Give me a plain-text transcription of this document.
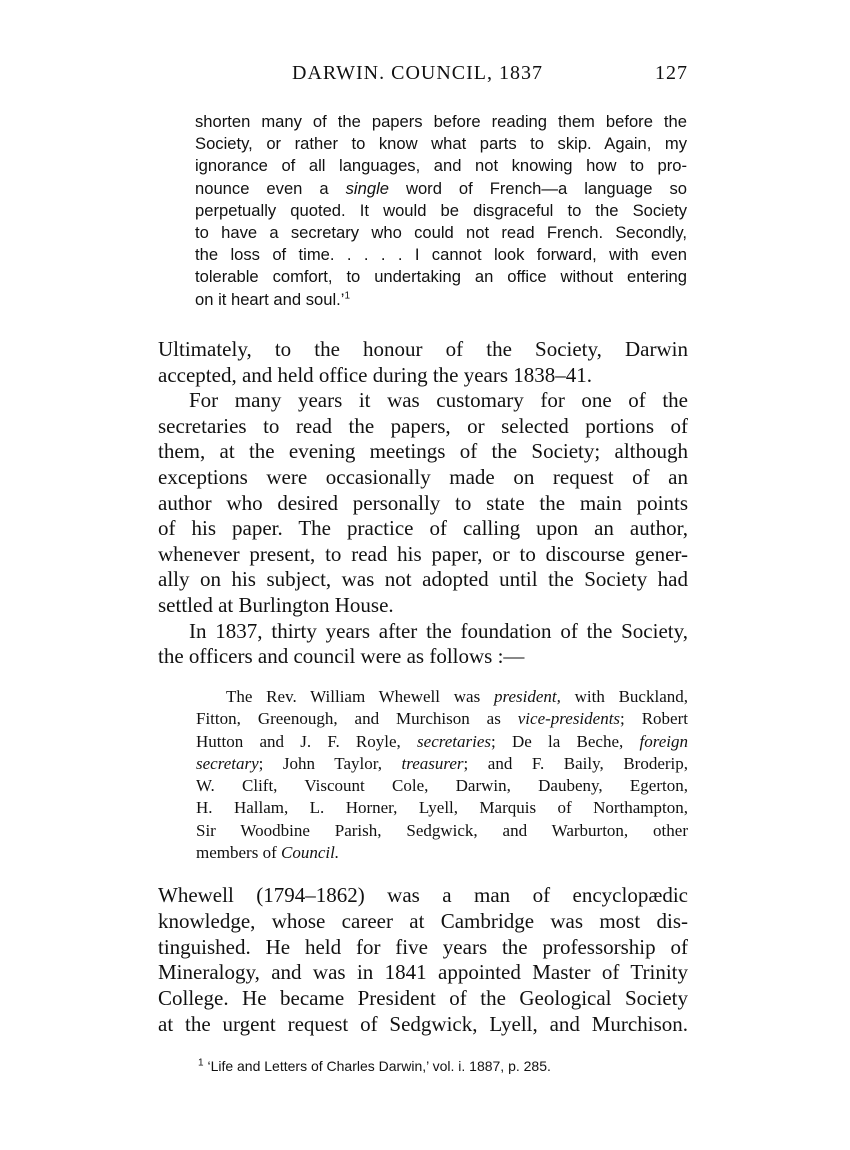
DARWIN. COUNCIL, 1837	127
shorten many of the papers before reading them before the
Society, or rather to know what parts to skip. Again, my
ignorance of all languages, and not knowing how to pro-
nounce even a single word of French—a language so
perpetually quoted. It would be disgraceful to the Society
to have a secretary who could not read French. Secondly,
the loss of time. . . . . I cannot look forward, with even
tolerable comfort, to undertaking an office without entering
on it heart and soul.’$^1$
Ultimately, to the honour of the Society, Darwin
accepted, and held office during the years 1838–41.
For many years it was customary for one of the
secretaries to read the papers, or selected portions of
them, at the evening meetings of the Society; although
exceptions were occasionally made on request of an
author who desired personally to state the main points
of his paper. The practice of calling upon an author,
whenever present, to read his paper, or to discourse gener-
ally on his subject, was not adopted until the Society had
settled at Burlington House.
In 1837, thirty years after the foundation of the Society,
the officers and council were as follows :—
The Rev. William Whewell was president, with Buckland,
Fitton, Greenough, and Murchison as vice-presidents; Robert
Hutton and J. F. Royle, secretaries; De la Beche, foreign
secretary; John Taylor, treasurer; and F. Baily, Broderip,
W. Clift, Viscount Cole, Darwin, Daubeny, Egerton,
H. Hallam, L. Horner, Lyell, Marquis of Northampton,
Sir Woodbine Parish, Sedgwick, and Warburton, other
members of Council.
Whewell (1794–1862) was a man of encyclopædic
knowledge, whose career at Cambridge was most dis-
tinguished. He held for five years the professorship of
Mineralogy, and was in 1841 appointed Master of Trinity
College. He became President of the Geological Society
at the urgent request of Sedgwick, Lyell, and Murchison.
$^1$ ‘Life and Letters of Charles Darwin,’ vol. i. 1887, p. 285.
